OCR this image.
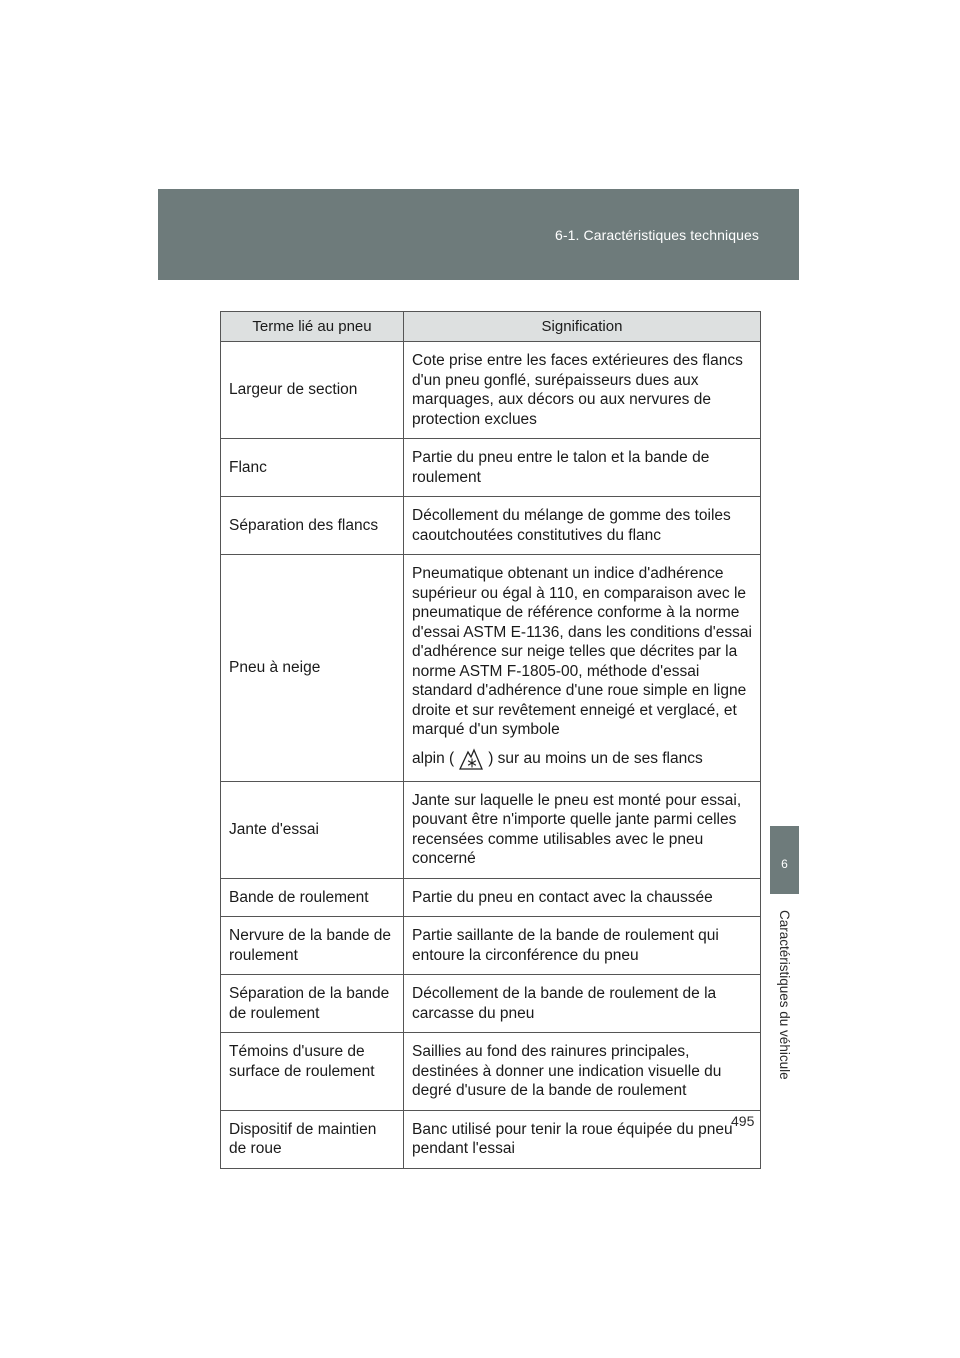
6-1. Caractéristiques techniques
6
Caractéristiques du véhicule
Terme lié au pneu	Signification
Largeur de section	Cote prise entre les faces extérieures des flancs d'un pneu gonflé, surépaisseurs dues aux marquages, aux décors ou aux nervures de protection exclues
Flanc	Partie du pneu entre le talon et la bande de roulement
Séparation des flancs	Décollement du mélange de gomme des toiles caoutchoutées constitutives du flanc
Pneu à neige	Pneumatique obtenant un indice d'adhérence supérieur ou égal à 110, en comparaison avec le pneumatique de référence conforme à la norme d'essai ASTM E-1136, dans les conditions d'essai d'adhérence sur neige telles que décrites par la norme ASTM F-1805-00, méthode d'essai standard d'adhérence d'une roue simple en ligne droite et sur revêtement enneigé et verglacé, et marqué d'un symbole
alpin ( ) sur au moins un de ses flancs

Jante d'essai	Jante sur laquelle le pneu est monté pour essai, pouvant être n'importe quelle jante parmi celles recensées comme utilisables avec le pneu concerné
Bande de roulement	Partie du pneu en contact avec la chaussée
Nervure de la bande de roulement	Partie saillante de la bande de roulement qui entoure la circonférence du pneu
Séparation de la bande de roulement	Décollement de la bande de roulement de la carcasse du pneu
Témoins d'usure de surface de roulement	Saillies au fond des rainures principales, destinées à donner une indication visuelle du degré d'usure de la bande de roulement
Dispositif de maintien de roue	Banc utilisé pour tenir la roue équipée du pneu pendant l'essai
495
